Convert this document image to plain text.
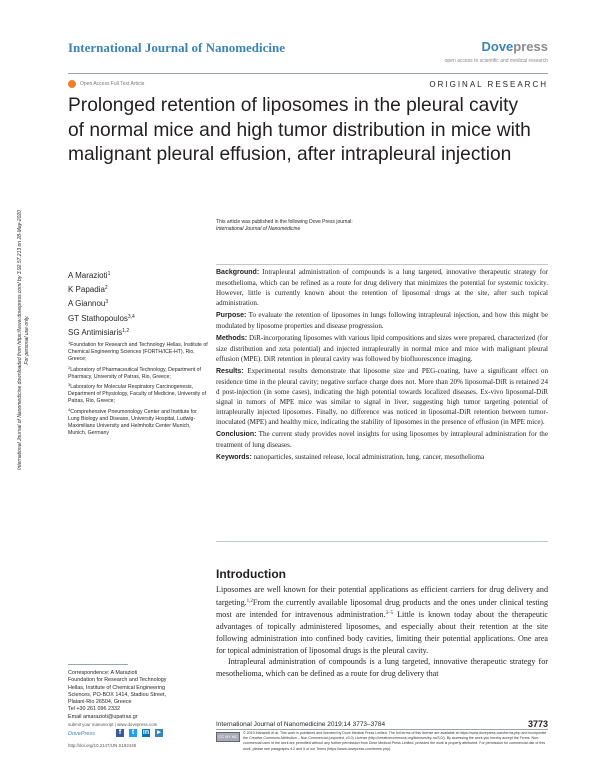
International Journal of Nanomedicine	Dovepress
open access to scientific and medical research
Open Access Full Text Article	ORIGINAL RESEARCH
International Journal of Nanomedicine downloaded from https://www.dovepress.com/ by 3.92.57.213 on 28-May-2020 For personal use only.
Prolonged retention of liposomes in the pleural cavity of normal mice and high tumor distribution in mice with malignant pleural effusion, after intrapleural injection
This article was published in the following Dove Press journal:
International Journal of Nanomedicine
A Marazioti$^1$
K Papadia$^2$
A Giannou$^3$
GT Stathopoulos$^{3,4}$
SG Antimisiaris$^{1,2}$

$^1$Foundation for Research and Technology Hellas, Institute of Chemical Engineering Sciences (FORTH/ICE-HT), Rio, Greece;

$^2$Laboratory of Pharmaceutical Technology, Department of Pharmacy, University of Patras, Rio, Greece;

$^3$Laboratory for Molecular Respiratory Carcinogenesis, Department of Physiology, Faculty of Medicine, University of Patras, Rio, Greece;

$^4$Comprehensive Pneumonology Center and Institute for Lung Biology and Disease, University Hospital, Ludwig-Maximilians University and Helmholtz Center Munich, Munich, Germany

Background: Intrapleural administration of compounds is a lung targeted, innovative therapeutic strategy for mesothelioma, which can be refined as a route for drug delivery that minimizes the potential for systemic toxicity. However, little is currently known about the retention of liposomal drugs at the site, after such topical administration.

Purpose: To evaluate the retention of liposomes in lungs following intrapleural injection, and how this might be modulated by liposome properties and disease progression.

Methods: DiR-incorporating liposomes with various lipid compositions and sizes were prepared, characterized (for size distribution and zeta potential) and injected intrapleurally in normal mice and mice with malignant pleural effusion (MPE). DiR retention in pleural cavity was followed by biofluorescence imaging.

Results: Experimental results demonstrate that liposome size and PEG-coating, have a significant effect on residence time in the pleural cavity; negative surface charge does not. More than 20% liposomal-DiR is retained 24 d post-injection (in some cases), indicating the high potential towards localized diseases. Ex-vivo liposomal-DiR signal in tumors of MPE mice was similar to signal in liver, suggesting high tumor targeting potential of intrapleurally injected liposomes. Finally, no difference was noticed in liposomal-DiR retention between tumor-inoculated (MPE) and healthy mice, indicating the stability of liposomes in the presence of effusion (in MPE mice).

Conclusion: The current study provides novel insights for using liposomes by intrapleural administration for the treatment of lung diseases.

Keywords: nanoparticles, sustained release, local administration, lung, cancer, mesothelioma

Introduction

Liposomes are well known for their potential applications as efficient carriers for drug delivery and targeting.$^{1,2}$From the currently available liposomal drug products and the ones under clinical testing most are intended for intravenous administration.$^{3-5}$ Little is known today about the therapeutic advantages of topically administered liposomes, and especially about their retention at the site following administration into confined body cavities, limiting their potential applications. One area for topical administration of liposomal drugs is the pleural cavity.

Intrapleural administration of compounds is a lung targeted, innovative therapeutic strategy for mesothelioma, which can be defined as a route for drug delivery that

Correspondence: A Marazioti
Foundation for Research and Technology
Hellas, Institute of Chemical Engineering
Sciences, PO-BOX 1414, Stadiou Street,
Platani-Rio 26504, Greece
Tel +30 261 096 2332
Email amarazioti@upatras.gr
submit your manuscript | www.dovepress.com
DovePress	f	t	in	▸
http://doi.org/10.2147/IJN.S192448
International Journal of Nanomedicine 2019:14 3773–3784	3773
CC BY NC
© 2019 Marazioti et al. This work is published and licensed by Dove Medical Press Limited. The full terms of this license are available at https://www.dovepress.com/terms.php and incorporate the Creative Commons Attribution – Non Commercial (unported, v3.0) License (http://creativecommons.org/licenses/by-nc/3.0/). By accessing the work you hereby accept the Terms. Non-commercial uses of the work are permitted without any further permission from Dove Medical Press Limited, provided the work is properly attributed. For permission for commercial use of this work, please see paragraphs 4.2 and 5 of our Terms (https://www.dovepress.com/terms.php).
